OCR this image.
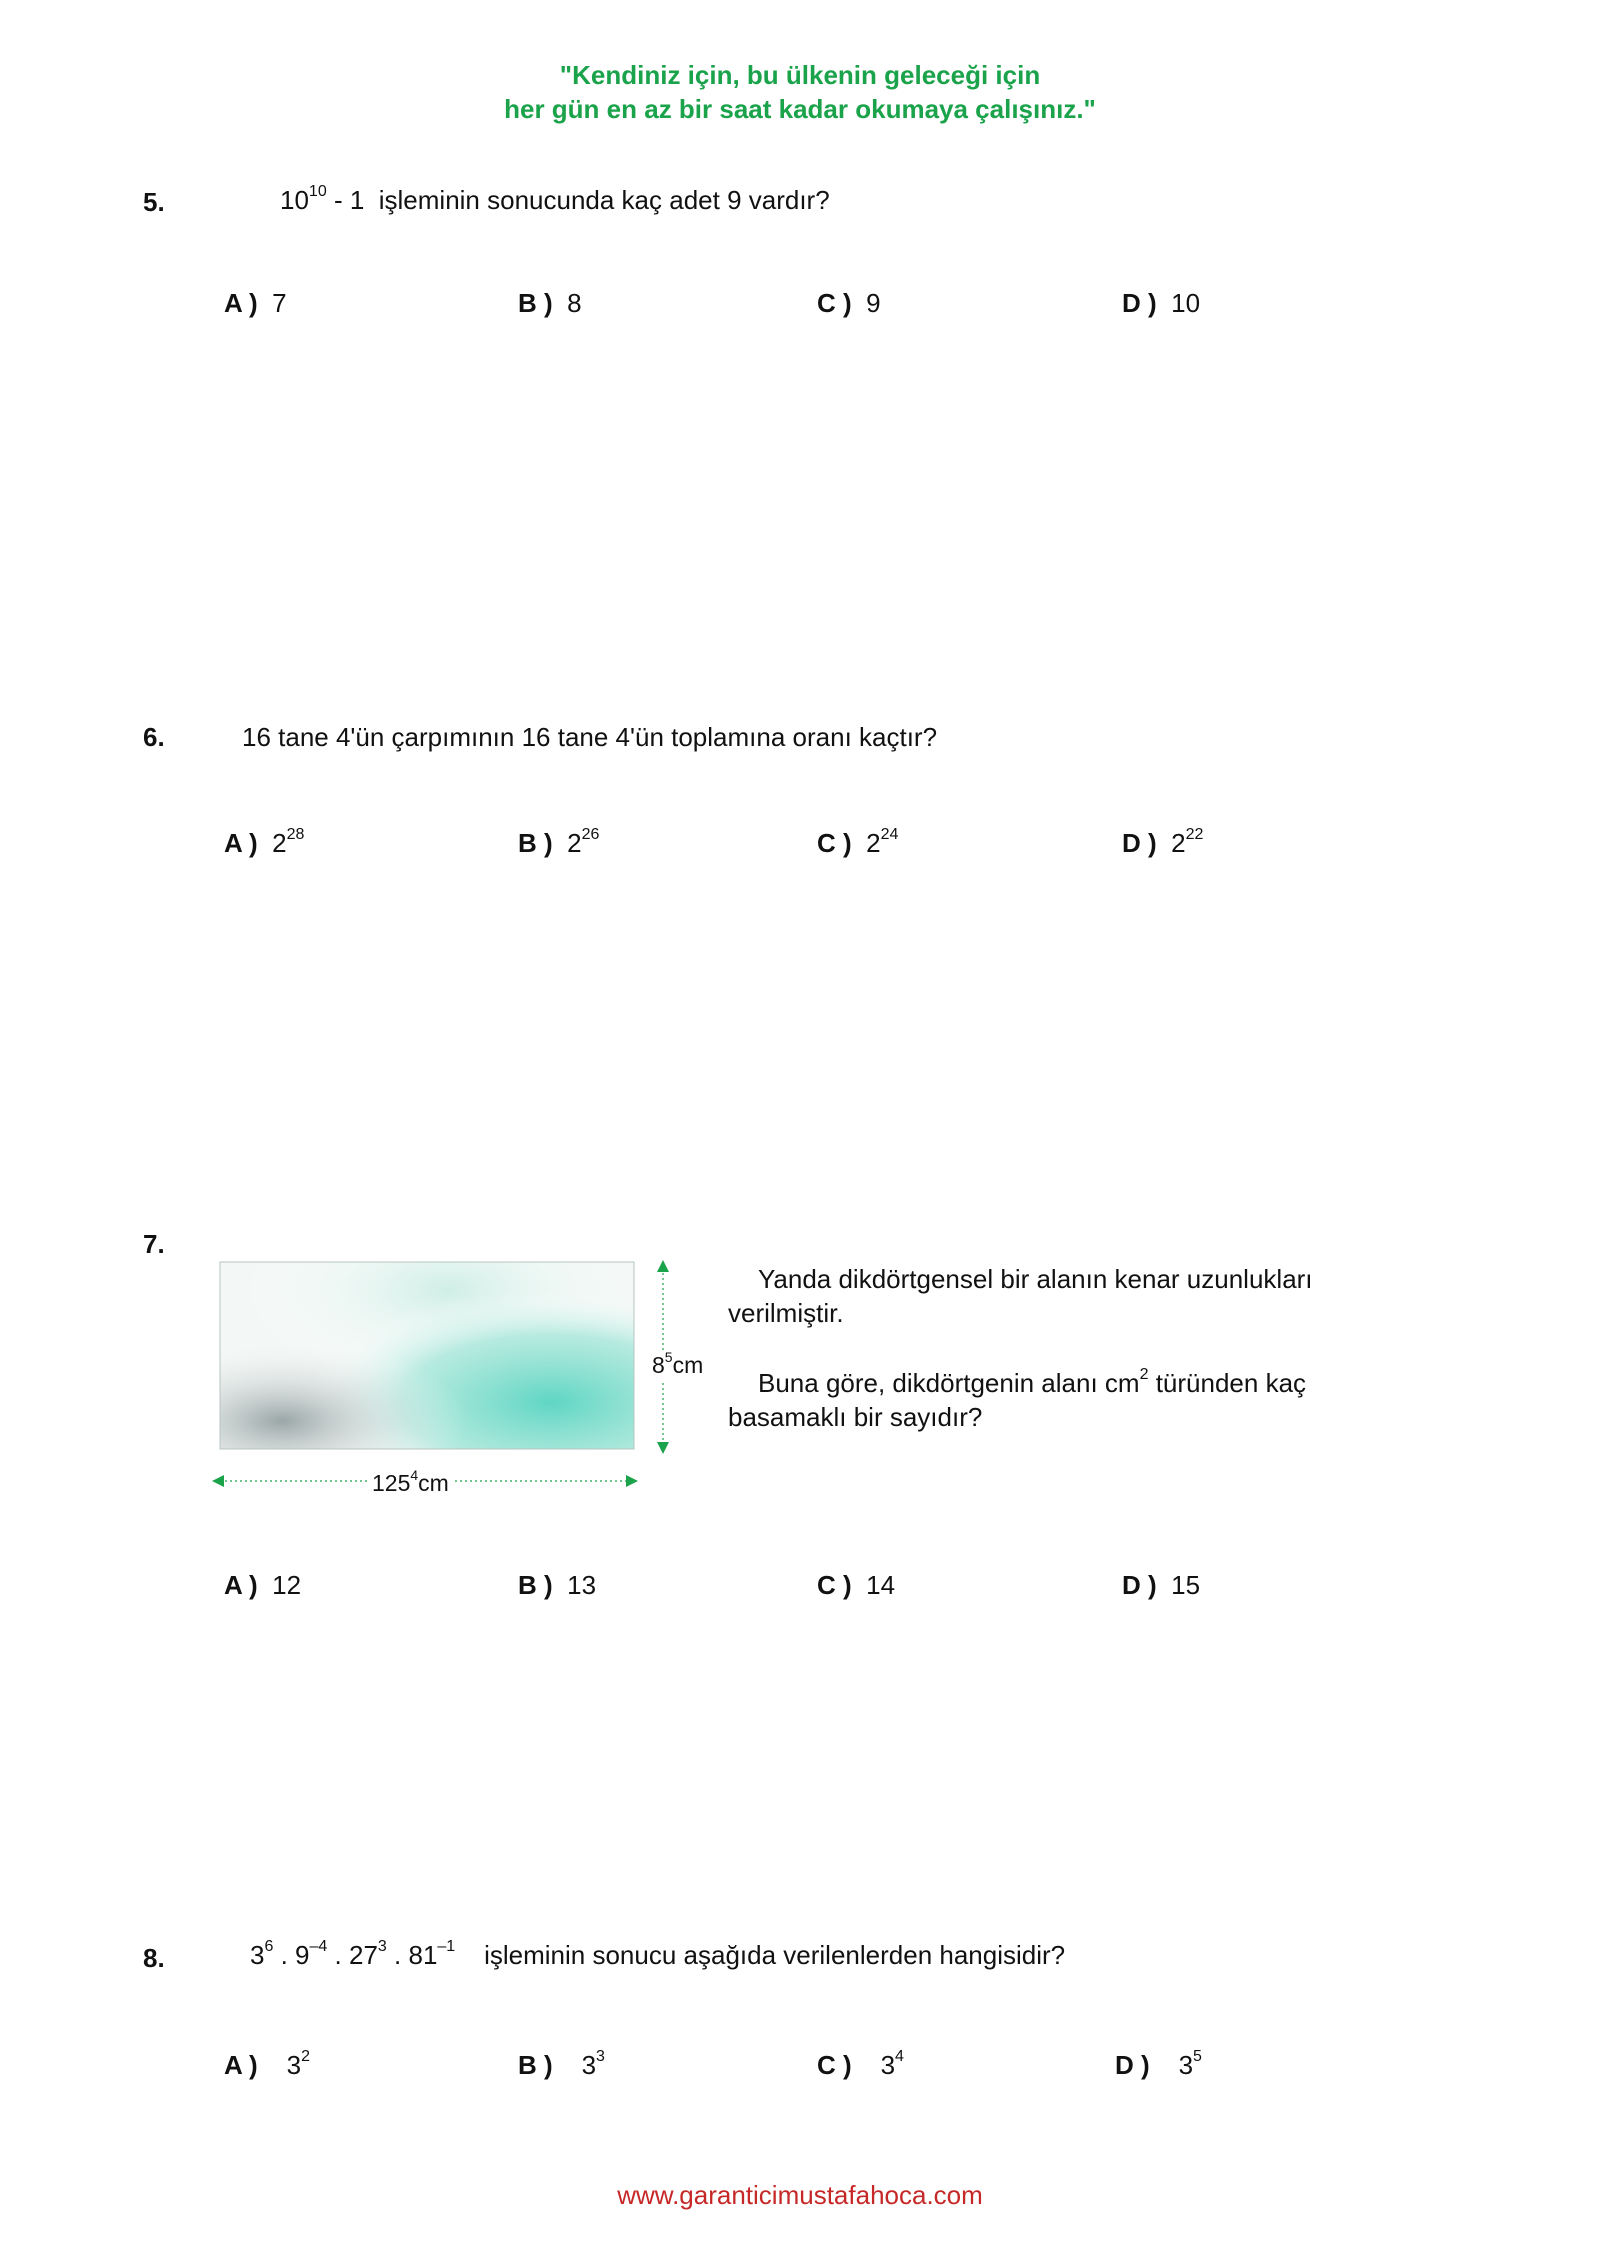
"Kendiniz için, bu ülkenin geleceği için
her gün en az bir saat kadar okumaya çalışınız."
5.	$10^{10} - 1$ işleminin sonucunda kaç adet 9 vardır?
A ) 7	B ) 8	C ) 9	D ) 10
6.	16 tane 4'ün çarpımının 16 tane 4'ün toplamına oranı kaçtır?
A ) $2^{28}$	B ) $2^{26}$	C ) $2^{24}$	D ) $2^{22}$
7.
$8^5cm$
$125^4cm$

Yanda dikdörtgensel bir alanın kenar uzunlukları verilmiştir.

Buna göre, dikdörtgenin alanı $cm^2$ türünden kaç basamaklı bir sayıdır?

A ) 12	B ) 13	C ) 14	D ) 15
8.	$3^6$ . $9^{-4}$ . $27^3$ . $81^{-1}$ işleminin sonucu aşağıda verilenlerden hangisidir?
A ) $3^2$	B ) $3^3$	C ) $3^4$	D ) $3^5$
www.garanticimustafahoca.com
